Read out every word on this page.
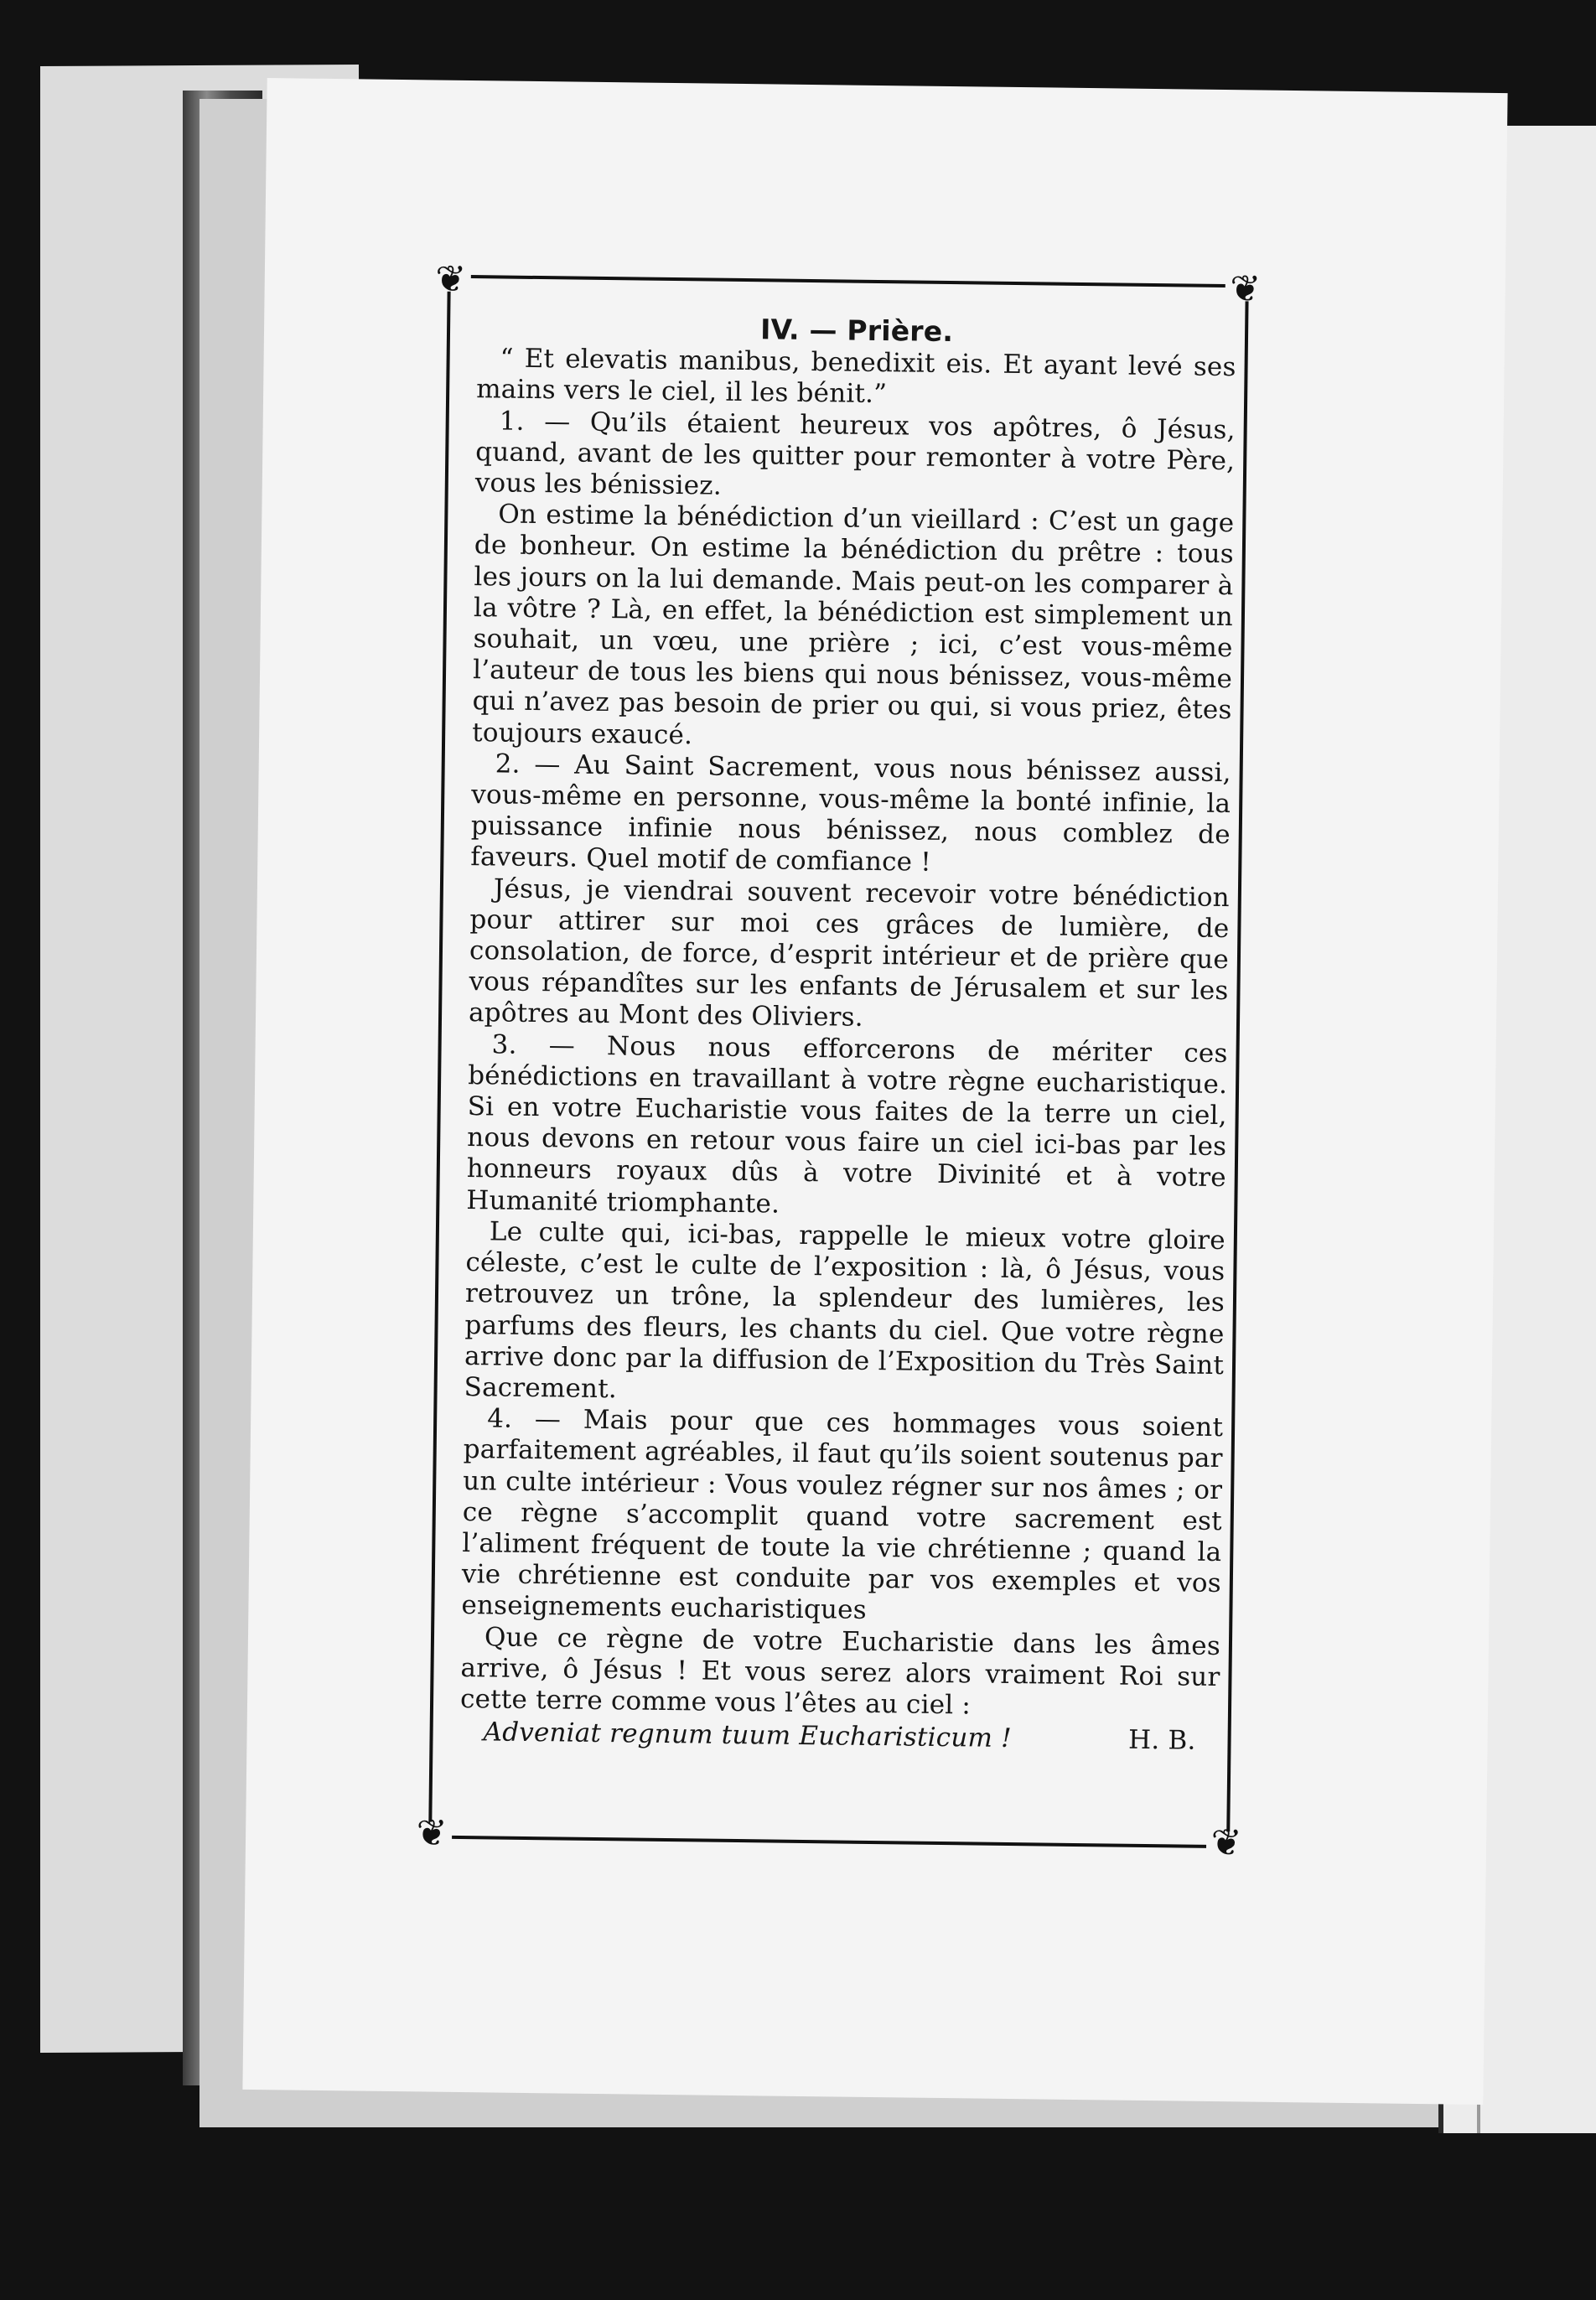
❦	❦
❦	❦
IV. — Prière.

“ Et elevatis manibus, benedixit eis. Et ayant levé ses mains vers le ciel, il les bénit.”

1. — Qu’ils étaient heureux vos apôtres, ô Jésus, quand, avant de les quitter pour remonter à votre Père, vous les bénissiez.

On estime la bénédiction d’un vieillard : C’est un gage de bonheur. On estime la bénédiction du prêtre : tous les jours on la lui demande. Mais peut-on les comparer à la vôtre ? Là, en effet, la bénédiction est simplement un souhait, un vœu, une prière ; ici, c’est vous-même l’auteur de tous les biens qui nous bénissez, vous-même qui n’avez pas besoin de prier ou qui, si vous priez, êtes toujours exaucé.

2. — Au Saint Sacrement, vous nous bénissez aussi, vous-même en personne, vous-même la bonté infinie, la puissance infinie nous bénissez, nous comblez de faveurs. Quel motif de comfiance !

Jésus, je viendrai souvent recevoir votre bénédiction pour attirer sur moi ces grâces de lumière, de consolation, de force, d’esprit intérieur et de prière que vous répandîtes sur les enfants de Jérusalem et sur les apôtres au Mont des Oliviers.

3. — Nous nous efforcerons de mériter ces bénédictions en travaillant à votre règne eucharistique. Si en votre Eucharistie vous faites de la terre un ciel, nous devons en retour vous faire un ciel ici-bas par les honneurs royaux dûs à votre Divinité et à votre Humanité triomphante.

Le culte qui, ici-bas, rappelle le mieux votre gloire céleste, c’est le culte de l’exposition : là, ô Jésus, vous retrouvez un trône, la splendeur des lumières, les parfums des fleurs, les chants du ciel. Que votre règne arrive donc par la diffusion de l’Exposition du Très Saint Sacrement.

4. — Mais pour que ces hommages vous soient parfaitement agréables, il faut qu’ils soient soutenus par un culte intérieur : Vous voulez régner sur nos âmes ; or ce règne s’accomplit quand votre sacrement est l’aliment fréquent de toute la vie chrétienne ; quand la vie chrétienne est conduite par vos exemples et vos enseignements eucharistiques

Que ce règne de votre Eucharistie dans les âmes arrive, ô Jésus ! Et vous serez alors vraiment Roi sur cette terre comme vous l’êtes au ciel :

Adveniat regnum tuum Eucharisticum !	H. B.
